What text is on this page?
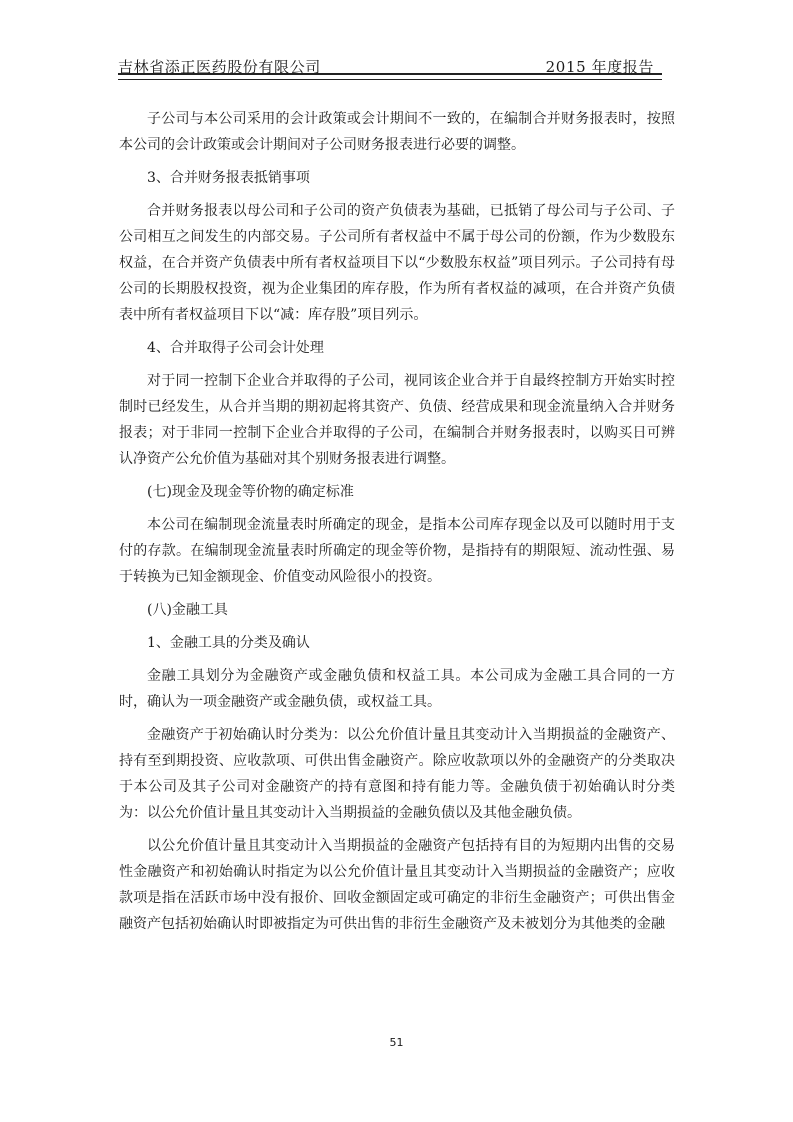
吉林省添正医药股份有限公司	2015 年度报告

子公司与本公司采用的会计政策或会计期间不一致的，在编制合并财务报表时，按照本公司的会计政策或会计期间对子公司财务报表进行必要的调整。

3、合并财务报表抵销事项

合并财务报表以母公司和子公司的资产负债表为基础，已抵销了母公司与子公司、子公司相互之间发生的内部交易。子公司所有者权益中不属于母公司的份额，作为少数股东权益，在合并资产负债表中所有者权益项目下以“少数股东权益”项目列示。子公司持有母公司的长期股权投资，视为企业集团的库存股，作为所有者权益的减项，在合并资产负债表中所有者权益项目下以“减：库存股”项目列示。

4、合并取得子公司会计处理

对于同一控制下企业合并取得的子公司，视同该企业合并于自最终控制方开始实时控制时已经发生，从合并当期的期初起将其资产、负债、经营成果和现金流量纳入合并财务报表；对于非同一控制下企业合并取得的子公司，在编制合并财务报表时，以购买日可辨认净资产公允价值为基础对其个别财务报表进行调整。

(七)现金及现金等价物的确定标准

本公司在编制现金流量表时所确定的现金，是指本公司库存现金以及可以随时用于支付的存款。在编制现金流量表时所确定的现金等价物，是指持有的期限短、流动性强、易于转换为已知金额现金、价值变动风险很小的投资。

(八)金融工具

1、金融工具的分类及确认

金融工具划分为金融资产或金融负债和权益工具。本公司成为金融工具合同的一方时，确认为一项金融资产或金融负债，或权益工具。

金融资产于初始确认时分类为：以公允价值计量且其变动计入当期损益的金融资产、持有至到期投资、应收款项、可供出售金融资产。除应收款项以外的金融资产的分类取决于本公司及其子公司对金融资产的持有意图和持有能力等。金融负债于初始确认时分类为：以公允价值计量且其变动计入当期损益的金融负债以及其他金融负债。

以公允价值计量且其变动计入当期损益的金融资产包括持有目的为短期内出售的交易性金融资产和初始确认时指定为以公允价值计量且其变动计入当期损益的金融资产；应收款项是指在活跃市场中没有报价、回收金额固定或可确定的非衍生金融资产；可供出售金融资产包括初始确认时即被指定为可供出售的非衍生金融资产及未被划分为其他类的金融

51
